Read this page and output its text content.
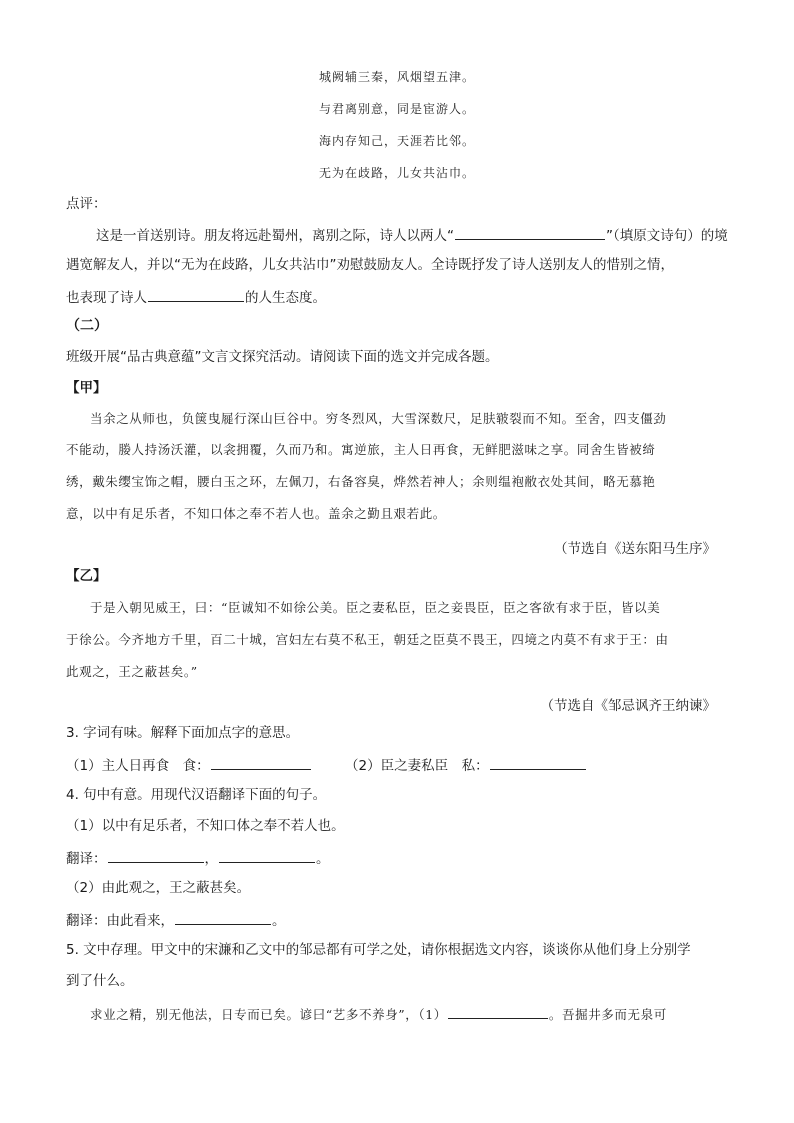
城阙辅三秦，风烟望五津。
与君离别意，同是宦游人。
海内存知己，天涯若比邻。
无为在歧路，儿女共沾巾。
点评：
这是一首送别诗。朋友将远赴蜀州，离别之际，诗人以两人“	”（填原文诗句）的境
遇宽解友人，并以“无为在歧路，儿女共沾巾”劝慰鼓励友人。全诗既抒发了诗人送别友人的惜别之情，
也表现了诗人	的人生态度。
（二）
班级开展“品古典意蕴”文言文探究活动。请阅读下面的选文并完成各题。
【甲】
当余之从师也，负箧曳屣行深山巨谷中。穷冬烈风，大雪深数尺，足肤皲裂而不知。至舍，四支僵劲
不能动，媵人持汤沃灌，以衾拥覆，久而乃和。寓逆旅，主人日再食，无鲜肥滋味之享。同舍生皆被绮
绣，戴朱缨宝饰之帽，腰白玉之环，左佩刀，右备容臭，烨然若神人；余则缊袍敝衣处其间，略无慕艳
意，以中有足乐者，不知口体之奉不若人也。盖余之勤且艰若此。
（节选自《送东阳马生序》
【乙】
于是入朝见威王，曰：“臣诚知不如徐公美。臣之妻私臣，臣之妾畏臣，臣之客欲有求于臣，皆以美
于徐公。今齐地方千里，百二十城，宫妇左右莫不私王，朝廷之臣莫不畏王，四境之内莫不有求于王：由
此观之，王之蔽甚矣。”
（节选自《邹忌讽齐王纳谏》
3. 字词有味。解释下面加点字的意思。
（1）主人日再食　食：	（2）臣之妻私臣　私：
4. 句中有意。用现代汉语翻译下面的句子。
（1）以中有足乐者，不知口体之奉不若人也。
翻译：	，	。
（2）由此观之，王之蔽甚矣。
翻译：由此看来，	。
5. 文中存理。甲文中的宋濂和乙文中的邹忌都有可学之处，请你根据选文内容，谈谈你从他们身上分别学
到了什么。
求业之精，别无他法，日专而已矣。谚曰“艺多不养身”，（1）	。吾掘井多而无泉可
